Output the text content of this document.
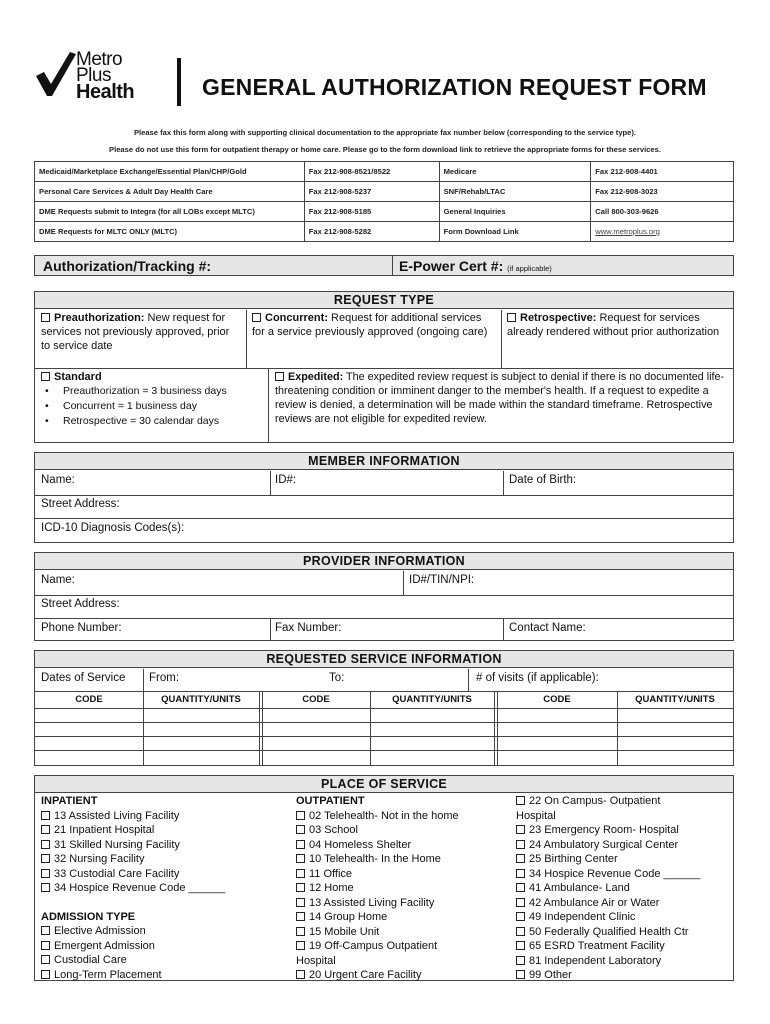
Metro
Plus
Health	GENERAL AUTHORIZATION REQUEST FORM
Please fax this form along with supporting clinical documentation to the appropriate fax number below (corresponding to the service type).
Please do not use this form for outpatient therapy or home care. Please go to the form download link to retrieve the appropriate forms for these services.
Medicaid/Marketplace Exchange/Essential Plan/CHP/Gold	Fax 212-908-8521/8522	Medicare	Fax 212-908-4401
Personal Care Services & Adult Day Health Care	Fax 212-908-5237	SNF/Rehab/LTAC	Fax 212-908-3023
DME Requests submit to Integra (for all LOBs except MLTC)	Fax 212-908-5185	General Inquiries	Call 800-303-9626
DME Requests for MLTC ONLY (MLTC)	Fax 212-908-5282	Form Download Link	www.metroplus.org
Authorization/Tracking #:	E-Power Cert #: (if applicable)
REQUEST TYPE
Preauthorization: New request for services not previously approved, prior to service date
Concurrent: Request for additional services for a service previously approved (ongoing care)
Retrospective: Request for services already rendered without prior authorization
Standard
• Preauthorization = 3 business days
• Concurrent = 1 business day
• Retrospective = 30 calendar days
Expedited: The expedited review request is subject to denial if there is no documented life-threatening condition or imminent danger to the member's health. If a request to expedite a review is denied, a determination will be made within the standard timeframe. Retrospective reviews are not eligible for expedited review.
MEMBER INFORMATION
Name:	ID#:	Date of Birth:
Street Address:
ICD-10 Diagnosis Codes(s):
PROVIDER INFORMATION
Name:	ID#/TIN/NPI:
Street Address:
Phone Number:	Fax Number:	Contact Name:
REQUESTED SERVICE INFORMATION
Dates of Service From:	To:	# of visits (if applicable):
CODE	QUANTITY/UNITS	CODE	QUANTITY/UNITS	CODE	QUANTITY/UNITS
PLACE OF SERVICE
INPATIENT
13 Assisted Living Facility
21 Inpatient Hospital
31 Skilled Nursing Facility
32 Nursing Facility
33 Custodial Care Facility
34 Hospice Revenue Code ______
ADMISSION TYPE
Elective Admission
Emergent Admission
Custodial Care
Long-Term Placement
OUTPATIENT
02 Telehealth- Not in the home
03 School
04 Homeless Shelter
10 Telehealth- In the Home
11 Office
12 Home
13 Assisted Living Facility
14 Group Home
15 Mobile Unit
19 Off-Campus Outpatient
Hospital
20 Urgent Care Facility
22 On Campus- Outpatient
Hospital
23 Emergency Room- Hospital
24 Ambulatory Surgical Center
25 Birthing Center
34 Hospice Revenue Code ______
41 Ambulance- Land
42 Ambulance Air or Water
49 Independent Clinic
50 Federally Qualified Health Ctr
65 ESRD Treatment Facility
81 Independent Laboratory
99 Other
